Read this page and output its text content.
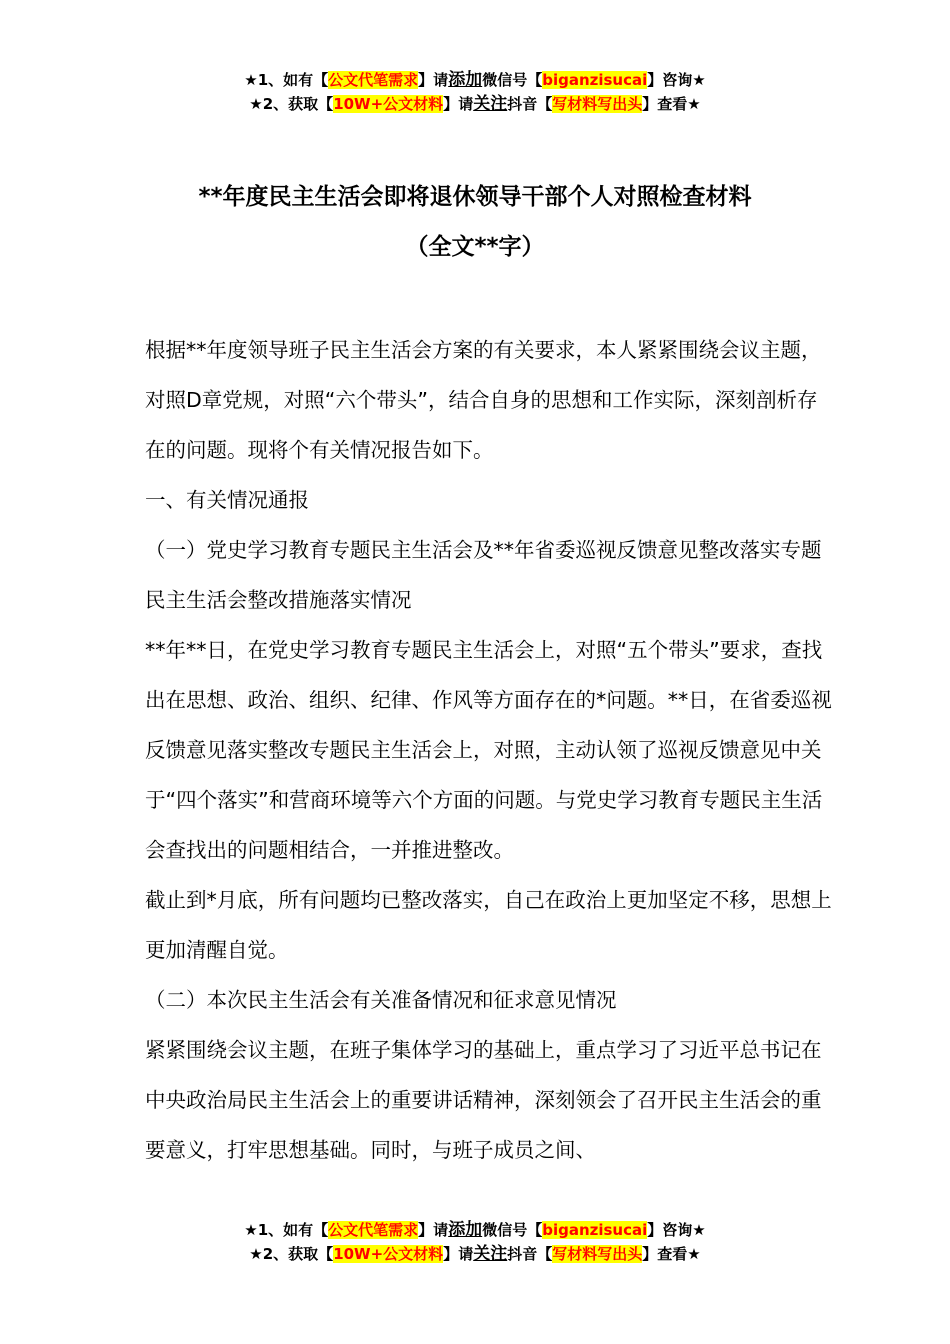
★1、如有【公文代笔需求】请添加微信号【biganzisucai】咨询★
★2、获取【10W+公文材料】请关注抖音【写材料写出头】查看★
**年度民主生活会即将退休领导干部个人对照检查材料
（全文**字）

根据**年度领导班子民主生活会方案的有关要求，本人紧紧围绕会议主题，对照D章党规，对照“六个带头”，结合自身的思想和工作实际，深刻剖析存在的问题。现将个有关情况报告如下。

一、有关情况通报

（一）党史学习教育专题民主生活会及**年省委巡视反馈意见整改落实专题民主生活会整改措施落实情况

**年**日，在党史学习教育专题民主生活会上，对照“五个带头”要求，查找出在思想、政治、组织、纪律、作风等方面存在的*问题。**日，在省委巡视反馈意见落实整改专题民主生活会上，对照，主动认领了巡视反馈意见中关于“四个落实”和营商环境等六个方面的问题。与党史学习教育专题民主生活会查找出的问题相结合，一并推进整改。

截止到*月底，所有问题均已整改落实，自己在政治上更加坚定不移，思想上更加清醒自觉。

（二）本次民主生活会有关准备情况和征求意见情况

紧紧围绕会议主题，在班子集体学习的基础上，重点学习了习近平总书记在中央政治局民主生活会上的重要讲话精神，深刻领会了召开民主生活会的重要意义，打牢思想基础。同时，与班子成员之间、

★1、如有【公文代笔需求】请添加微信号【biganzisucai】咨询★
★2、获取【10W+公文材料】请关注抖音【写材料写出头】查看★
